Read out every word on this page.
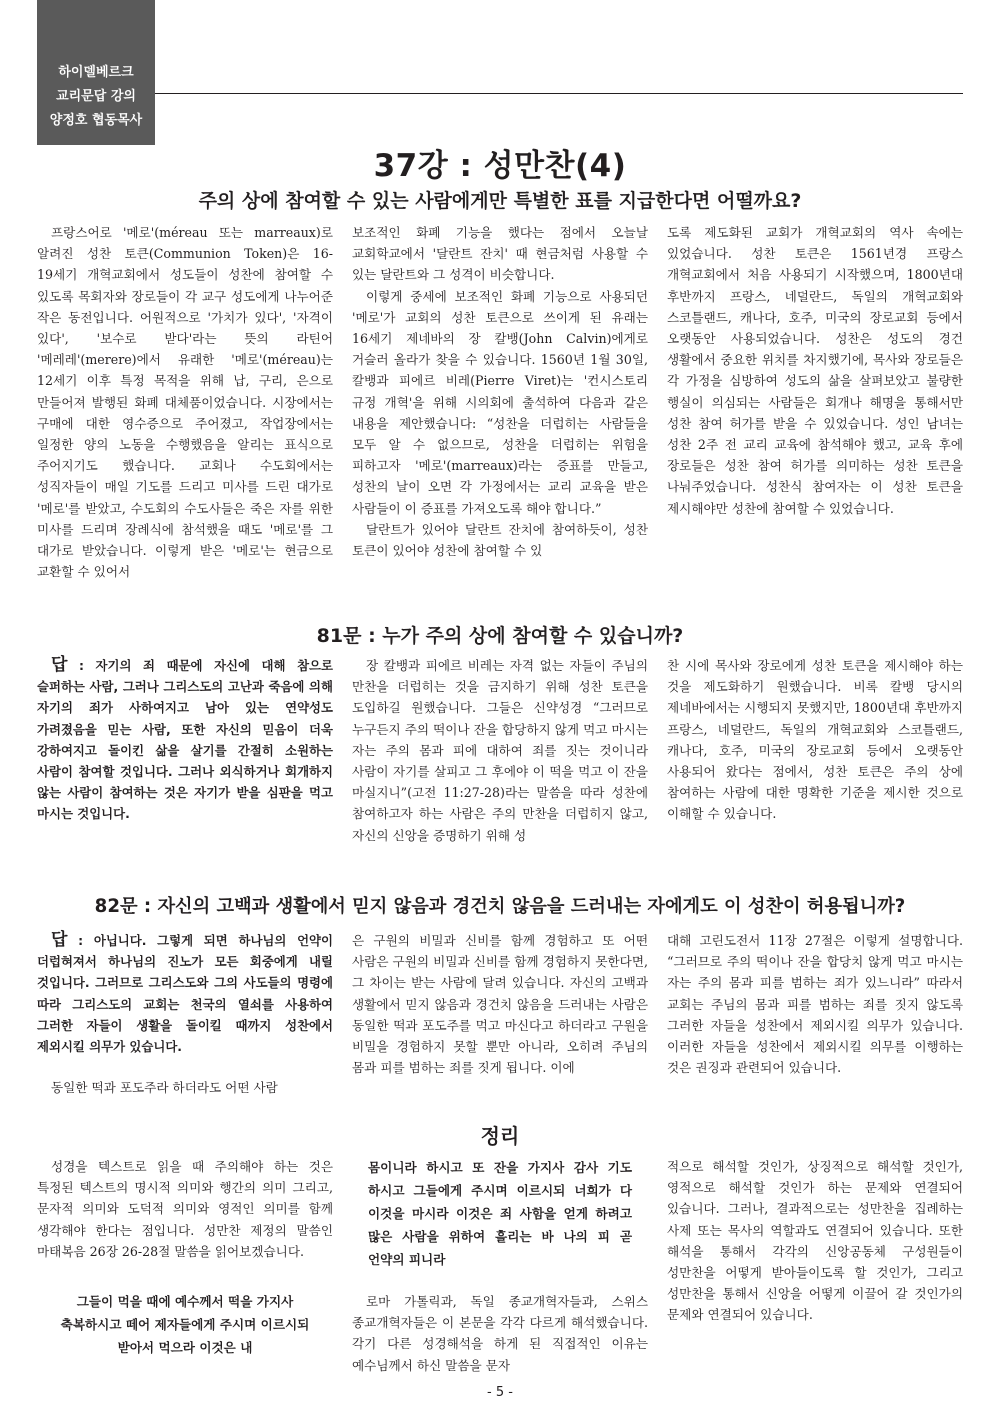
하이델베르크
교리문답 강의
양정호 협동목사
37강 : 성만찬(4)
주의 상에 참여할 수 있는 사람에게만 특별한 표를 지급한다면 어떨까요?

프랑스어로 '메로'(méreau 또는 marreaux)로 알려진 성찬 토큰(Communion Token)은 16-19세기 개혁교회에서 성도들이 성찬에 참여할 수 있도록 목회자와 장로들이 각 교구 성도에게 나누어준 작은 동전입니다. 어원적으로 '가치가 있다', '자격이 있다', '보수로 받다'라는 뜻의 라틴어 '메레레'(merere)에서 유래한 '메로'(méreau)는 12세기 이후 특정 목적을 위해 납, 구리, 은으로 만들어져 발행된 화폐 대체품이었습니다. 시장에서는 구매에 대한 영수증으로 주어졌고, 작업장에서는 일정한 양의 노동을 수행했음을 알리는 표식으로 주어지기도 했습니다. 교회나 수도회에서는 성직자들이 매일 기도를 드리고 미사를 드린 대가로 '메로'를 받았고, 수도회의 수도사들은 죽은 자를 위한 미사를 드리며 장례식에 참석했을 때도 '메로'를 그 대가로 받았습니다. 이렇게 받은 '메로'는 현금으로 교환할 수 있어서

보조적인 화폐 기능을 했다는 점에서 오늘날 교회학교에서 '달란트 잔치' 때 현금처럼 사용할 수 있는 달란트와 그 성격이 비슷합니다.

이렇게 중세에 보조적인 화폐 기능으로 사용되던 '메로'가 교회의 성찬 토큰으로 쓰이게 된 유래는 16세기 제네바의 장 칼뱅(John Calvin)에게로 거슬러 올라가 찾을 수 있습니다. 1560년 1월 30일, 칼뱅과 피에르 비레(Pierre Viret)는 '컨시스토리 규정 개혁'을 위해 시의회에 출석하여 다음과 같은 내용을 제안했습니다: “성찬을 더럽히는 사람들을 모두 알 수 없으므로, 성찬을 더럽히는 위험을 피하고자 '메로'(marreaux)라는 증표를 만들고, 성찬의 날이 오면 각 가정에서는 교리 교육을 받은 사람들이 이 증표를 가져오도록 해야 합니다.”

달란트가 있어야 달란트 잔치에 참여하듯이, 성찬 토큰이 있어야 성찬에 참여할 수 있

도록 제도화된 교회가 개혁교회의 역사 속에는 있었습니다. 성찬 토큰은 1561년경 프랑스 개혁교회에서 처음 사용되기 시작했으며, 1800년대 후반까지 프랑스, 네덜란드, 독일의 개혁교회와 스코틀랜드, 캐나다, 호주, 미국의 장로교회 등에서 오랫동안 사용되었습니다. 성찬은 성도의 경건 생활에서 중요한 위치를 차지했기에, 목사와 장로들은 각 가정을 심방하여 성도의 삶을 살펴보았고 불량한 행실이 의심되는 사람들은 회개나 해명을 통해서만 성찬 참여 허가를 받을 수 있었습니다. 성인 남녀는 성찬 2주 전 교리 교육에 참석해야 했고, 교육 후에 장로들은 성찬 참여 허가를 의미하는 성찬 토큰을 나눠주었습니다. 성찬식 참여자는 이 성찬 토큰을 제시해야만 성찬에 참여할 수 있었습니다.

81문 : 누가 주의 상에 참여할 수 있습니까?

답 : 자기의 죄 때문에 자신에 대해 참으로 슬퍼하는 사람, 그러나 그리스도의 고난과 죽음에 의해 자기의 죄가 사하여지고 남아 있는 연약성도 가려졌음을 믿는 사람, 또한 자신의 믿음이 더욱 강하여지고 돌이킨 삶을 살기를 간절히 소원하는 사람이 참여할 것입니다. 그러나 외식하거나 회개하지 않는 사람이 참여하는 것은 자기가 받을 심판을 먹고 마시는 것입니다.

장 칼뱅과 피에르 비레는 자격 없는 자들이 주님의 만찬을 더럽히는 것을 금지하기 위해 성찬 토큰을 도입하길 원했습니다. 그들은 신약성경 “그러므로 누구든지 주의 떡이나 잔을 합당하지 않게 먹고 마시는 자는 주의 몸과 피에 대하여 죄를 짓는 것이니라 사람이 자기를 살피고 그 후에야 이 떡을 먹고 이 잔을 마실지니”(고전 11:27-28)라는 말씀을 따라 성찬에 참여하고자 하는 사람은 주의 만찬을 더럽히지 않고, 자신의 신앙을 증명하기 위해 성

찬 시에 목사와 장로에게 성찬 토큰을 제시해야 하는 것을 제도화하기 원했습니다. 비록 칼뱅 당시의 제네바에서는 시행되지 못했지만, 1800년대 후반까지 프랑스, 네덜란드, 독일의 개혁교회와 스코틀랜드, 캐나다, 호주, 미국의 장로교회 등에서 오랫동안 사용되어 왔다는 점에서, 성찬 토큰은 주의 상에 참여하는 사람에 대한 명확한 기준을 제시한 것으로 이해할 수 있습니다.

82문 : 자신의 고백과 생활에서 믿지 않음과 경건치 않음을 드러내는 자에게도 이 성찬이 허용됩니까?

답 : 아닙니다. 그렇게 되면 하나님의 언약이 더럽혀져서 하나님의 진노가 모든 회중에게 내릴 것입니다. 그러므로 그리스도와 그의 사도들의 명령에 따라 그리스도의 교회는 천국의 열쇠를 사용하여 그러한 자들이 생활을 돌이킬 때까지 성찬에서 제외시킬 의무가 있습니다.

동일한 떡과 포도주라 하더라도 어떤 사람

은 구원의 비밀과 신비를 함께 경험하고 또 어떤 사람은 구원의 비밀과 신비를 함께 경험하지 못한다면, 그 차이는 받는 사람에 달려 있습니다. 자신의 고백과 생활에서 믿지 않음과 경건치 않음을 드러내는 사람은 동일한 떡과 포도주를 먹고 마신다고 하더라고 구원을 비밀을 경험하지 못할 뿐만 아니라, 오히려 주님의 몸과 피를 범하는 죄를 짓게 됩니다. 이에

대해 고린도전서 11장 27절은 이렇게 설명합니다. “그러므로 주의 떡이나 잔을 합당치 않게 먹고 마시는 자는 주의 몸과 피를 범하는 죄가 있느니라” 따라서 교회는 주님의 몸과 피를 범하는 죄를 짓지 않도록 그러한 자들을 성찬에서 제외시킬 의무가 있습니다. 이러한 자들을 성찬에서 제외시킬 의무를 이행하는 것은 권징과 관련되어 있습니다.

정리

성경을 텍스트로 읽을 때 주의해야 하는 것은 특정된 텍스트의 명시적 의미와 행간의 의미 그리고, 문자적 의미와 도덕적 의미와 영적인 의미를 함께 생각해야 한다는 점입니다. 성만찬 제정의 말씀인 마태복음 26장 26-28절 말씀을 읽어보겠습니다.

그들이 먹을 때에 예수께서 떡을 가지사 축복하시고 떼어 제자들에게 주시며 이르시되 받아서 먹으라 이것은 내

몸이니라 하시고 또 잔을 가지사 감사 기도 하시고 그들에게 주시며 이르시되 너희가 다 이것을 마시라 이것은 죄 사함을 얻게 하려고 많은 사람을 위하여 흘리는 바 나의 피 곧 언약의 피니라

로마 가톨릭과, 독일 종교개혁자들과, 스위스 종교개혁자들은 이 본문을 각각 다르게 해석했습니다. 각기 다른 성경해석을 하게 된 직접적인 이유는 예수님께서 하신 말씀을 문자

적으로 해석할 것인가, 상징적으로 해석할 것인가, 영적으로 해석할 것인가 하는 문제와 연결되어 있습니다. 그러나, 결과적으로는 성만찬을 집례하는 사제 또는 목사의 역할과도 연결되어 있습니다. 또한 해석을 통해서 각각의 신앙공동체 구성원들이 성만찬을 어떻게 받아들이도록 할 것인가, 그리고 성만찬을 통해서 신앙을 어떻게 이끌어 갈 것인가의 문제와 연결되어 있습니다.

- 5 -
